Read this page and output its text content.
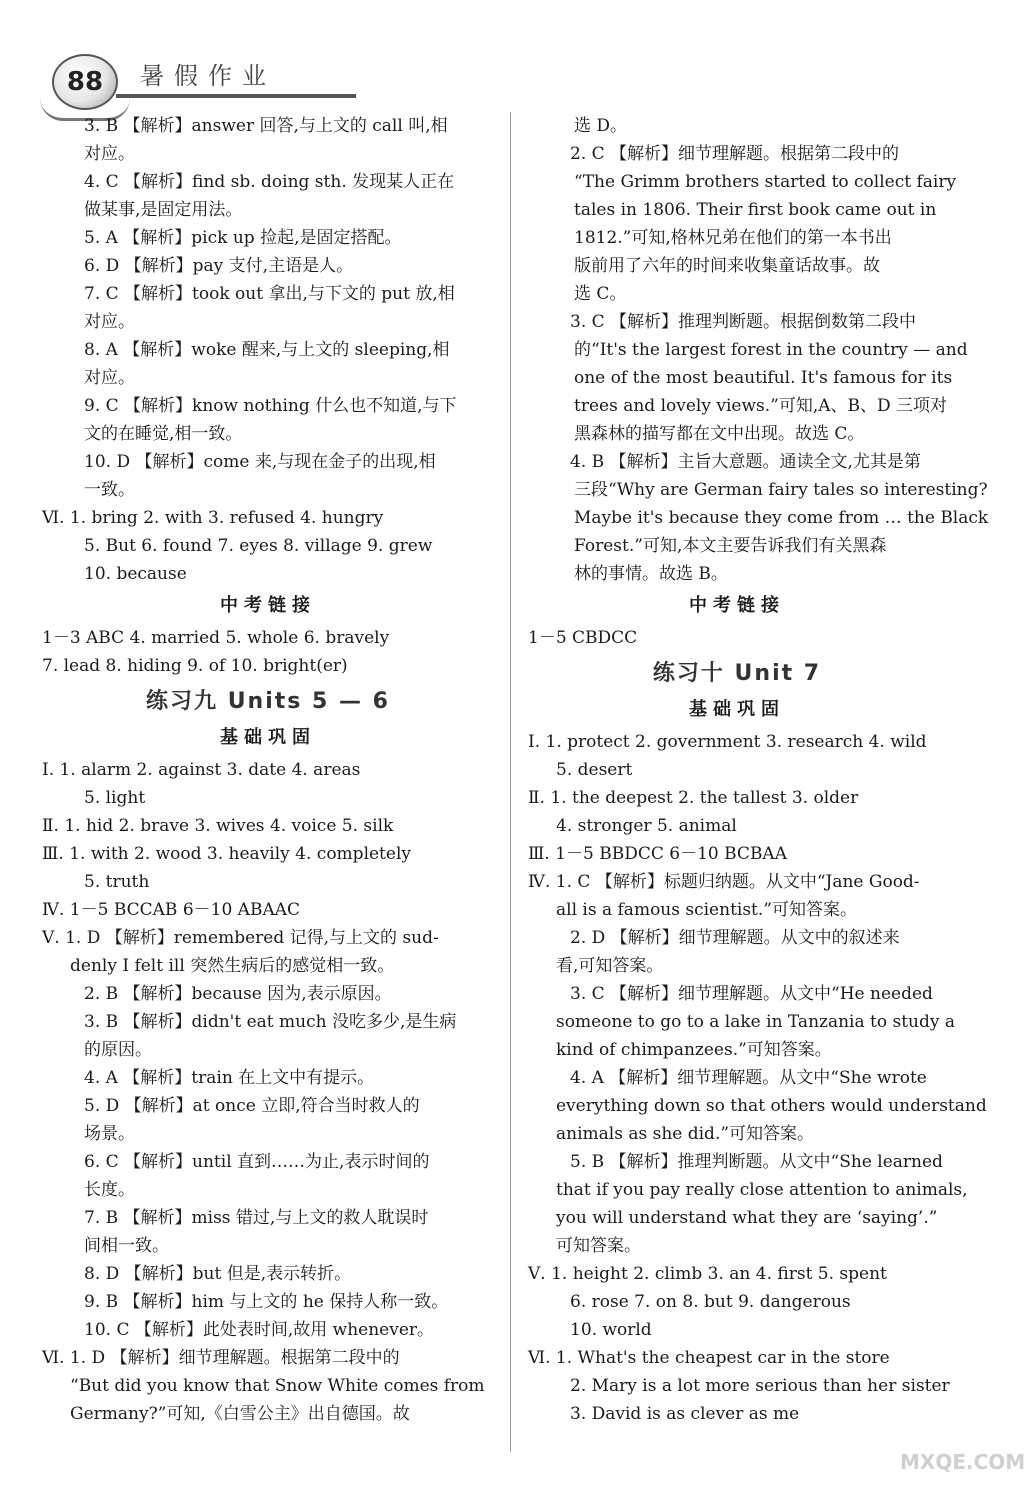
88	暑假作业
3. B 【解析】answer 回答,与上文的 call 叫,相
对应。
4. C 【解析】find sb. doing sth. 发现某人正在
做某事,是固定用法。
5. A 【解析】pick up 捡起,是固定搭配。
6. D 【解析】pay 支付,主语是人。
7. C 【解析】took out 拿出,与下文的 put 放,相
对应。
8. A 【解析】woke 醒来,与上文的 sleeping,相
对应。
9. C 【解析】know nothing 什么也不知道,与下
文的在睡觉,相一致。
10. D 【解析】come 来,与现在金子的出现,相
一致。
Ⅵ. 1. bring 2. with 3. refused 4. hungry
5. But 6. found 7. eyes 8. village 9. grew
10. because
中考链接
1－3 ABC 4. married 5. whole 6. bravely
7. lead 8. hiding 9. of 10. bright(er)
练习九 Units 5 — 6
基础巩固
Ⅰ. 1. alarm 2. against 3. date 4. areas
5. light
Ⅱ. 1. hid 2. brave 3. wives 4. voice 5. silk
Ⅲ. 1. with 2. wood 3. heavily 4. completely
5. truth
Ⅳ. 1－5 BCCAB 6－10 ABAAC
Ⅴ. 1. D 【解析】remembered 记得,与上文的 sud-
denly I felt ill 突然生病后的感觉相一致。
2. B 【解析】because 因为,表示原因。
3. B 【解析】didn't eat much 没吃多少,是生病
的原因。
4. A 【解析】train 在上文中有提示。
5. D 【解析】at once 立即,符合当时救人的
场景。
6. C 【解析】until 直到……为止,表示时间的
长度。
7. B 【解析】miss 错过,与上文的救人耽误时
间相一致。
8. D 【解析】but 但是,表示转折。
9. B 【解析】him 与上文的 he 保持人称一致。
10. C 【解析】此处表时间,故用 whenever。
Ⅵ. 1. D 【解析】细节理解题。根据第二段中的
“But did you know that Snow White comes from
Germany?”可知,《白雪公主》出自德国。故
选 D。
2. C 【解析】细节理解题。根据第二段中的
“The Grimm brothers started to collect fairy
tales in 1806. Their first book came out in
1812.”可知,格林兄弟在他们的第一本书出
版前用了六年的时间来收集童话故事。故
选 C。
3. C 【解析】推理判断题。根据倒数第二段中
的“It's the largest forest in the country — and
one of the most beautiful. It's famous for its
trees and lovely views.”可知,A、B、D 三项对
黑森林的描写都在文中出现。故选 C。
4. B 【解析】主旨大意题。通读全文,尤其是第
三段“Why are German fairy tales so interesting?
Maybe it's because they come from … the Black
Forest.”可知,本文主要告诉我们有关黑森
林的事情。故选 B。
中考链接
1－5 CBDCC
练习十 Unit 7
基础巩固
Ⅰ. 1. protect 2. government 3. research 4. wild
5. desert
Ⅱ. 1. the deepest 2. the tallest 3. older
4. stronger 5. animal
Ⅲ. 1－5 BBDCC 6－10 BCBAA
Ⅳ. 1. C 【解析】标题归纳题。从文中“Jane Good-
all is a famous scientist.”可知答案。
2. D 【解析】细节理解题。从文中的叙述来
看,可知答案。
3. C 【解析】细节理解题。从文中“He needed
someone to go to a lake in Tanzania to study a
kind of chimpanzees.”可知答案。
4. A 【解析】细节理解题。从文中“She wrote
everything down so that others would understand
animals as she did.”可知答案。
5. B 【解析】推理判断题。从文中“She learned
that if you pay really close attention to animals,
you will understand what they are ‘saying’.”
可知答案。
Ⅴ. 1. height 2. climb 3. an 4. first 5. spent
6. rose 7. on 8. but 9. dangerous
10. world
Ⅵ. 1. What's the cheapest car in the store
2. Mary is a lot more serious than her sister
3. David is as clever as me
MXQE.COM
